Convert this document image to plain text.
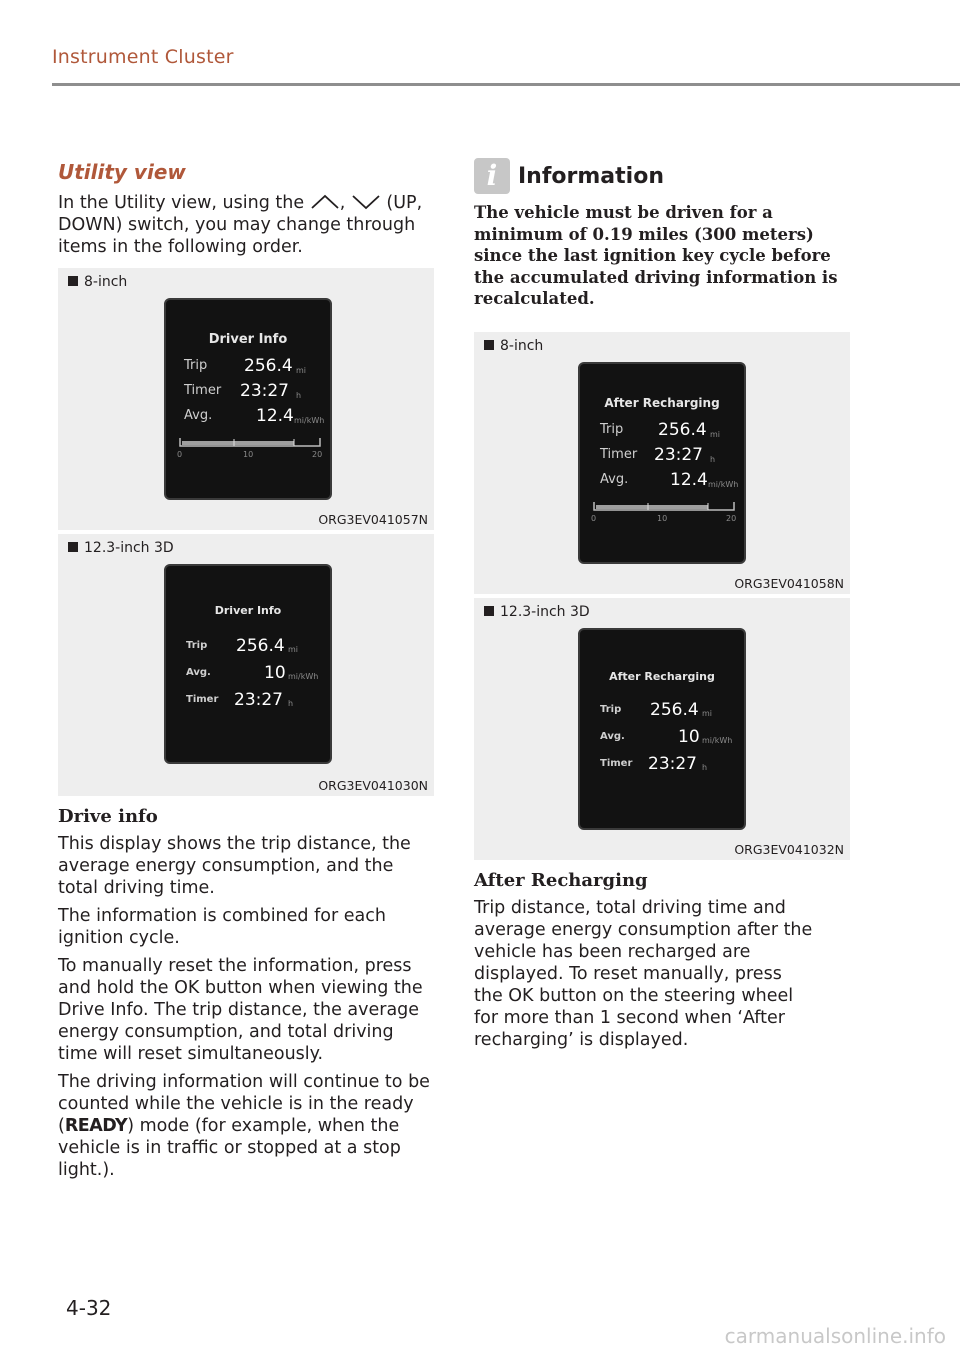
Instrument Cluster
Utility view
In the Utility view, using the ,  (UP, DOWN) switch, you may change through items in the following order.
8-inch
Driver Info
Trip 256.4 mi
Timer 23:27 h
Avg.	12.4 mi/kWh
0	10	20
ORG3EV041057N
12.3-inch 3D
Driver Info
Trip 256.4 mi
Avg.	10 mi/kWh
Timer 23:27 h
ORG3EV041030N
Drive info
This display shows the trip distance, the average energy consumption, and the total driving time.
The information is combined for each ignition cycle.
To manually reset the information, press and hold the OK button when viewing the Drive Info. The trip distance, the average energy consumption, and total driving time will reset simultaneously.
The driving information will continue to be counted while the vehicle is in the ready (READY) mode (for example, when the vehicle is in traffic or stopped at a stop light.).
i Information
The vehicle must be driven for a minimum of 0.19 miles (300 meters) since the last ignition key cycle before the accumulated driving information is recalculated.
8-inch
After Recharging
Trip 256.4 mi
Timer 23:27 h
Avg. 12.4 mi/kWh
0	10	20
ORG3EV041058N
12.3-inch 3D
After Recharging
Trip 256.4 mi
Avg.	10 mi/kWh
Timer 23:27 h
ORG3EV041032N
After Recharging
Trip distance, total driving time and average energy consumption after the vehicle has been recharged are displayed. To reset manually, press the OK button on the steering wheel for more than 1 second when ‘After recharging’ is displayed.
4-32
carmanualsonline.info
